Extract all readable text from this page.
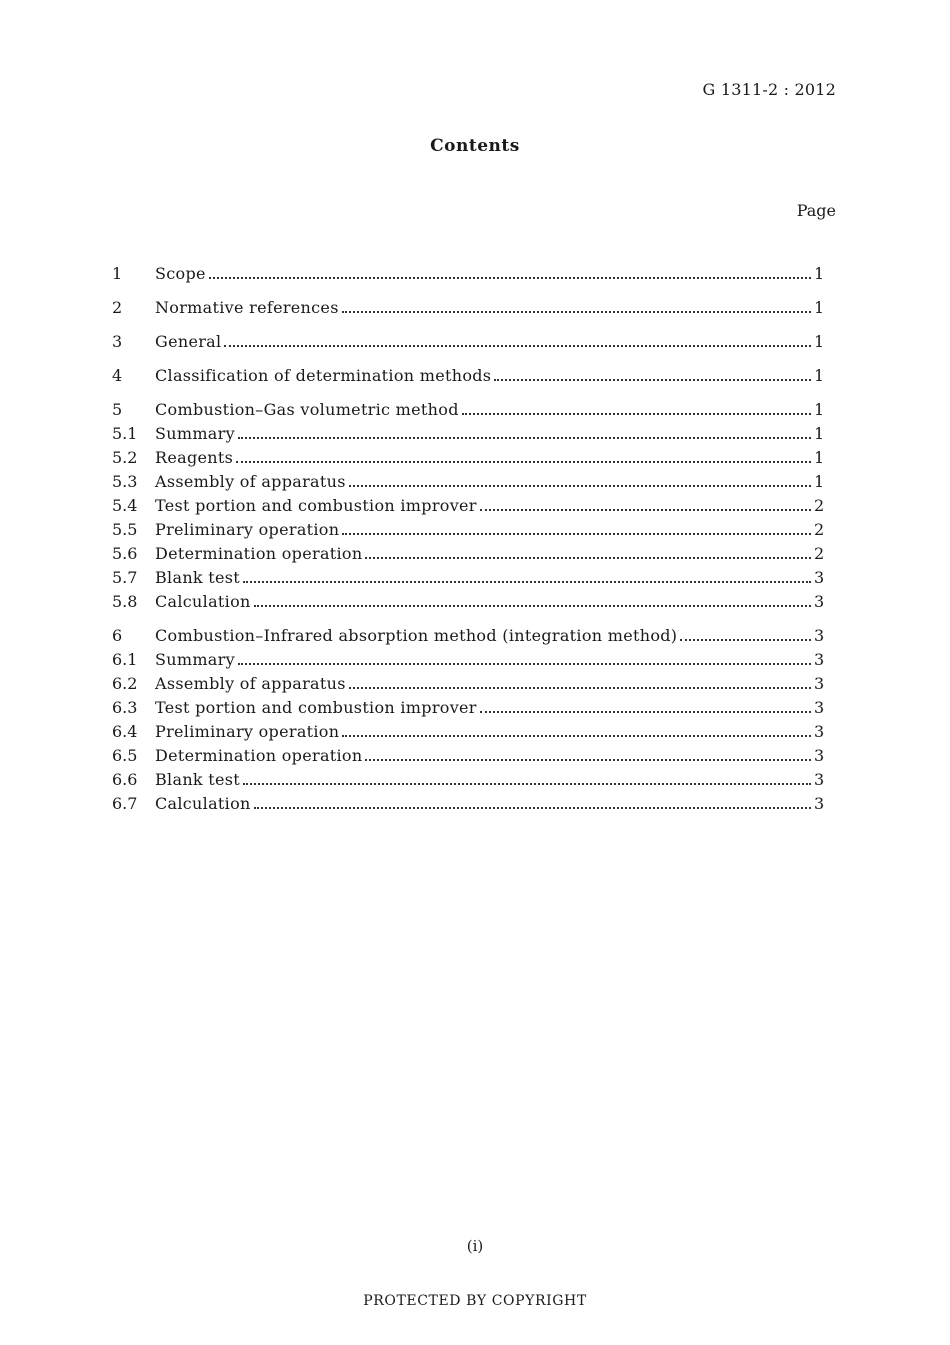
G 1311-2 : 2012
Contents
Page
1	Scope	1
2	Normative references	1
3	General	1
4	Classification of determination methods	1
5	Combustion–Gas volumetric method	1
5.1	Summary	1
5.2	Reagents	1
5.3	Assembly of apparatus	1
5.4	Test portion and combustion improver	2
5.5	Preliminary operation	2
5.6	Determination operation	2
5.7	Blank test	3
5.8	Calculation	3
6	Combustion–Infrared absorption method (integration method)	3
6.1	Summary	3
6.2	Assembly of apparatus	3
6.3	Test portion and combustion improver	3
6.4	Preliminary operation	3
6.5	Determination operation	3
6.6	Blank test	3
6.7	Calculation	3
(i)
PROTECTED BY COPYRIGHT
